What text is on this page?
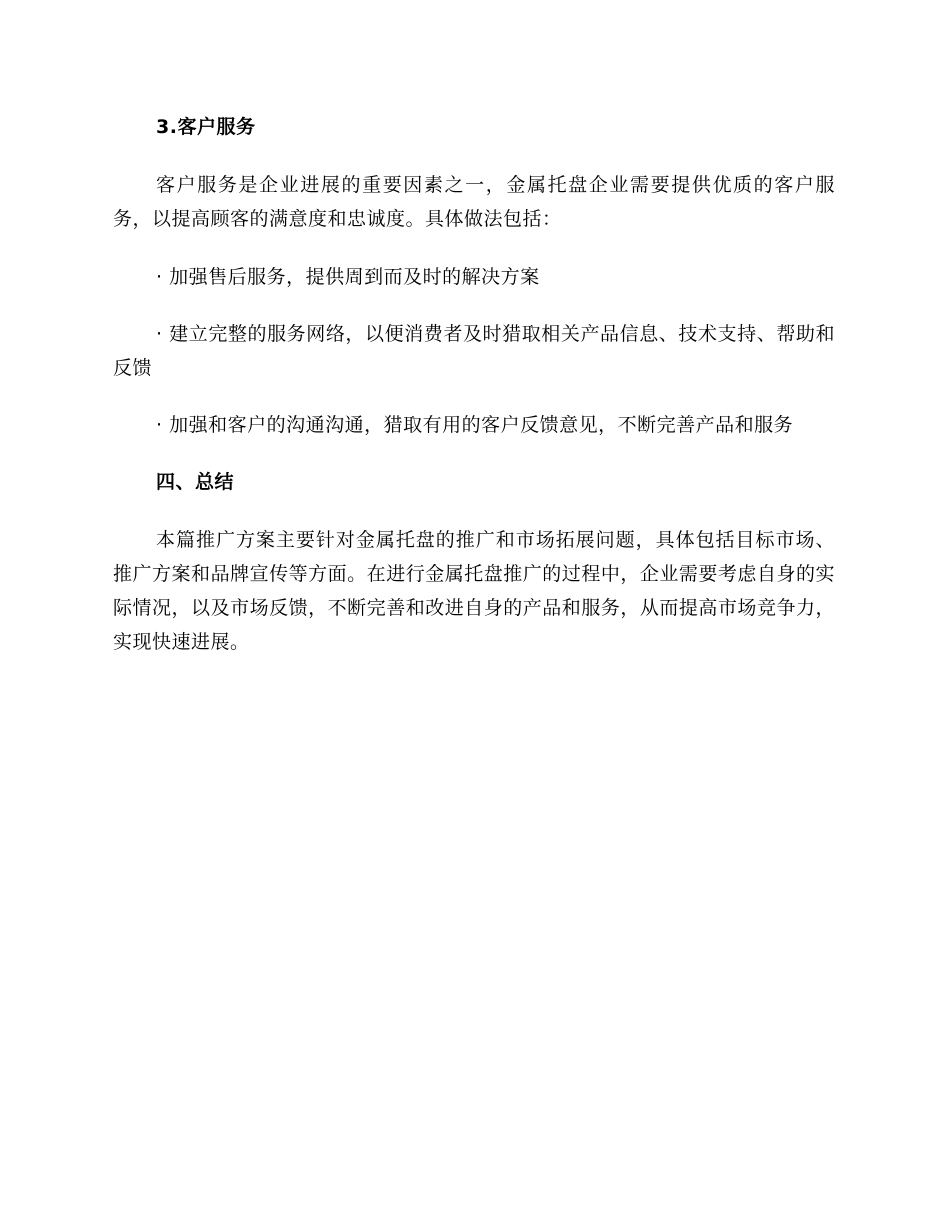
3.客户服务

客户服务是企业进展的重要因素之一，金属托盘企业需要提供优质的客户服务，以提高顾客的满意度和忠诚度。具体做法包括：

· 加强售后服务，提供周到而及时的解决方案

· 建立完整的服务网络，以便消费者及时猎取相关产品信息、技术支持、帮助和反馈

· 加强和客户的沟通沟通，猎取有用的客户反馈意见，不断完善产品和服务

四、总结

本篇推广方案主要针对金属托盘的推广和市场拓展问题，具体包括目标市场、推广方案和品牌宣传等方面。在进行金属托盘推广的过程中，企业需要考虑自身的实际情况，以及市场反馈，不断完善和改进自身的产品和服务，从而提高市场竞争力，实现快速进展。
